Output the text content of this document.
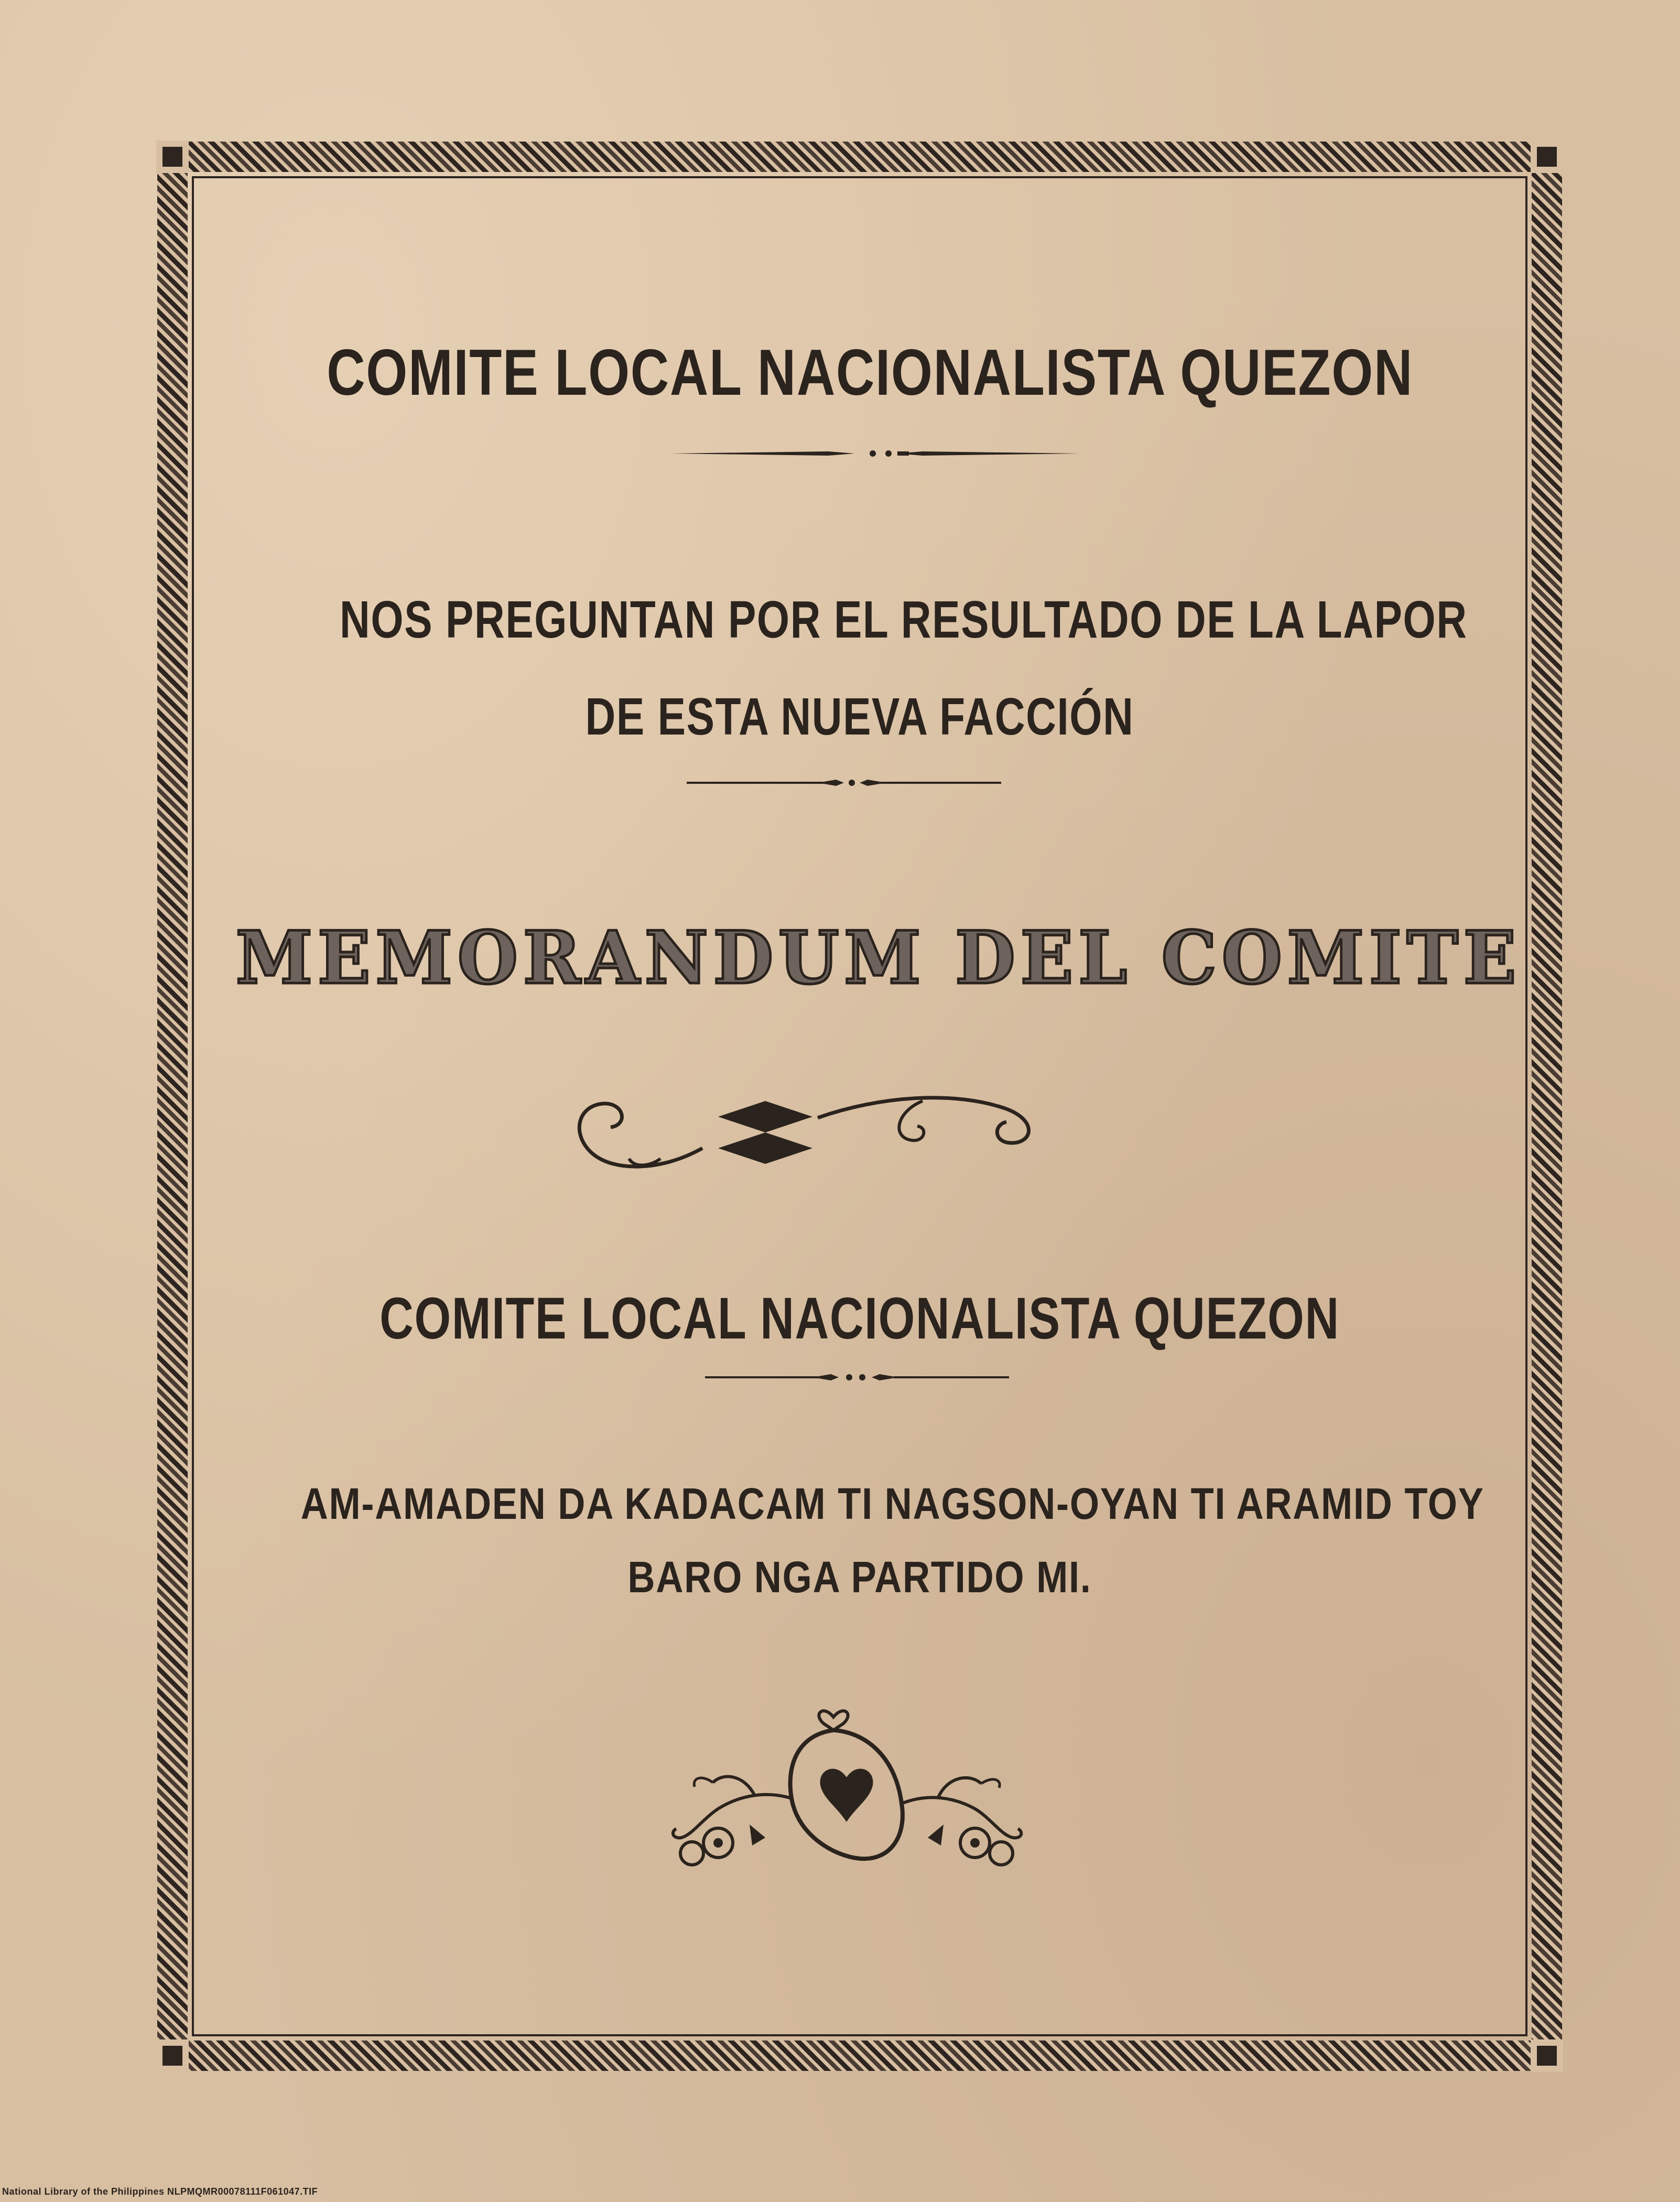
COMITE LOCAL NACIONALISTA QUEZON
NOS PREGUNTAN POR EL RESULTADO DE LA LAPOR
DE ESTA NUEVA FACCIÓN
MEMORANDUM DEL COMITE
COMITE LOCAL NACIONALISTA QUEZON
AM-AMADEN DA KADACAM TI NAGSON-OYAN TI ARAMID TOY
BARO NGA PARTIDO MI.
National Library of the Philippines NLPMQMR00078111F061047.TIF
